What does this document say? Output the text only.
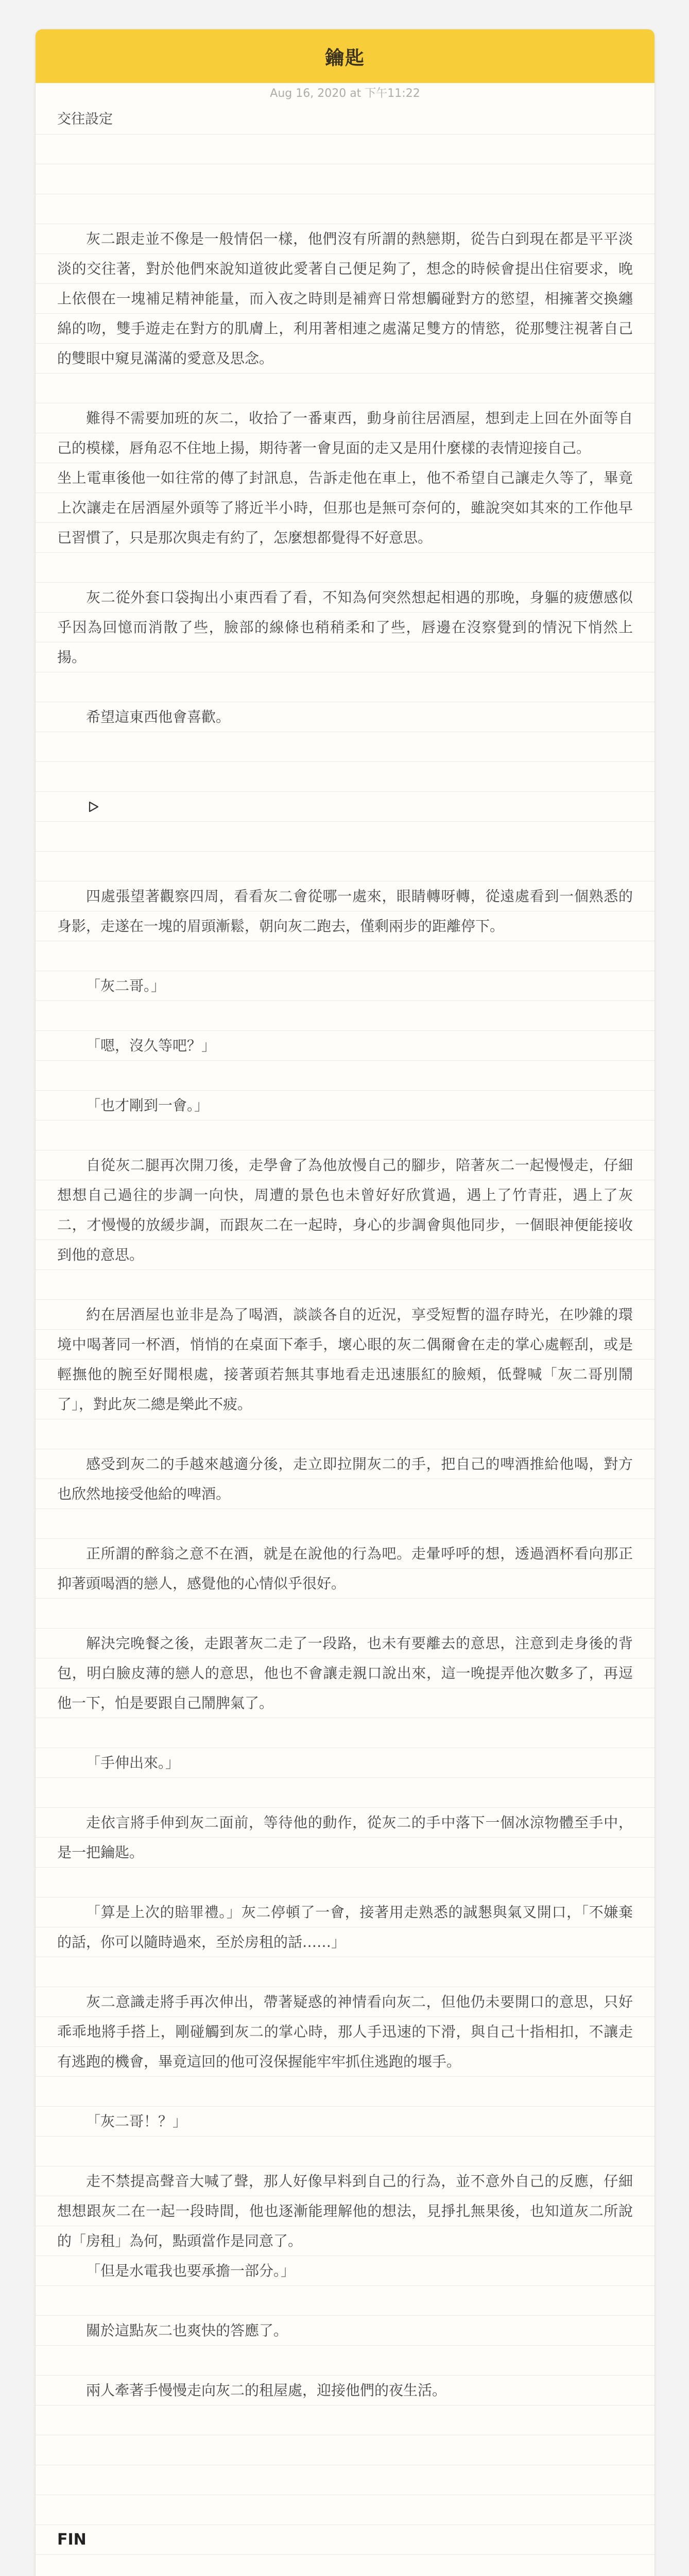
鑰匙
Aug 16, 2020 at 下午11:22
交往設定
灰二跟走並不像是一般情侶一樣，他們沒有所謂的熱戀期，從告白到現在都是平平淡淡的交往著，對於他們來說知道彼此愛著自己便足夠了，想念的時候會提出住宿要求，晚上依偎在一塊補足精神能量，而入夜之時則是補齊日常想觸碰對方的慾望，相擁著交換纏綿的吻，雙手遊走在對方的肌膚上，利用著相連之處滿足雙方的情慾，從那雙注視著自己的雙眼中窺見滿滿的愛意及思念。
難得不需要加班的灰二，收拾了一番東西，動身前往居酒屋，想到走上回在外面等自己的模樣，唇角忍不住地上揚，期待著一會見面的走又是用什麼樣的表情迎接自己。
坐上電車後他一如往常的傳了封訊息，告訴走他在車上，他不希望自己讓走久等了，畢竟上次讓走在居酒屋外頭等了將近半小時，但那也是無可奈何的，雖說突如其來的工作他早已習慣了，只是那次與走有約了，怎麼想都覺得不好意思。
灰二從外套口袋掏出小東西看了看，不知為何突然想起相遇的那晚，身軀的疲憊感似乎因為回憶而消散了些，臉部的線條也稍稍柔和了些，唇邊在沒察覺到的情況下悄然上揚。
希望這東西他會喜歡。
四處張望著觀察四周，看看灰二會從哪一處來，眼睛轉呀轉，從遠處看到一個熟悉的身影，走遂在一塊的眉頭漸鬆，朝向灰二跑去，僅剩兩步的距離停下。
「灰二哥。」
「嗯，沒久等吧？」
「也才剛到一會。」
自從灰二腿再次開刀後，走學會了為他放慢自己的腳步，陪著灰二一起慢慢走，仔細想想自己過往的步調一向快，周遭的景色也未曾好好欣賞過，遇上了竹青莊，遇上了灰二，才慢慢的放緩步調，而跟灰二在一起時，身心的步調會與他同步，一個眼神便能接收到他的意思。
約在居酒屋也並非是為了喝酒，談談各自的近況，享受短暫的溫存時光，在吵雜的環境中喝著同一杯酒，悄悄的在桌面下牽手，壞心眼的灰二偶爾會在走的掌心處輕刮，或是輕撫他的腕至好聞根處，接著頭若無其事地看走迅速脹紅的臉頰，低聲喊「灰二哥別鬧了」，對此灰二總是樂此不疲。
感受到灰二的手越來越適分後，走立即拉開灰二的手，把自己的啤酒推給他喝，對方也欣然地接受他給的啤酒。
正所謂的醉翁之意不在酒，就是在說他的行為吧。走暈呼呼的想，透過酒杯看向那正抑著頭喝酒的戀人，感覺他的心情似乎很好。
解決完晚餐之後，走跟著灰二走了一段路，也未有要離去的意思，注意到走身後的背包，明白臉皮薄的戀人的意思，他也不會讓走親口說出來，這一晚提弄他次數多了，再逗他一下，怕是要跟自己鬧脾氣了。
「手伸出來。」
走依言將手伸到灰二面前，等待他的動作，從灰二的手中落下一個冰涼物體至手中，是一把鑰匙。
「算是上次的賠罪禮。」灰二停頓了一會，接著用走熟悉的誠懇與氣叉開口，「不嫌棄的話，你可以隨時過來，至於房租的話……」
灰二意識走將手再次伸出，帶著疑惑的神情看向灰二，但他仍未要開口的意思，只好乖乖地將手搭上，剛碰觸到灰二的掌心時，那人手迅速的下滑，與自己十指相扣，不讓走有逃跑的機會，畢竟這回的他可沒保握能牢牢抓住逃跑的堰手。
「灰二哥！？」
走不禁提高聲音大喊了聲，那人好像早料到自己的行為，並不意外自己的反應，仔細想想跟灰二在一起一段時間，他也逐漸能理解他的想法，見掙扎無果後，也知道灰二所說的「房租」為何，點頭當作是同意了。
「但是水電我也要承擔一部分。」
關於這點灰二也爽快的答應了。
兩人牽著手慢慢走向灰二的租屋處，迎接他們的夜生活。
FIN
